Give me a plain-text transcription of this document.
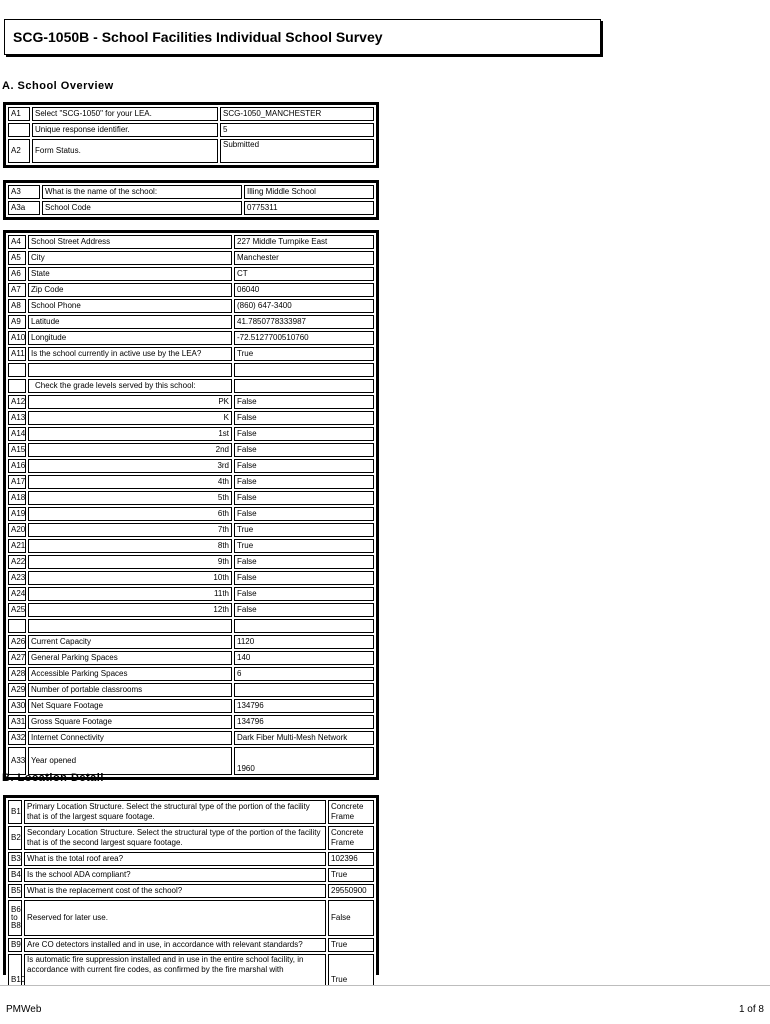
SCG-1050B - School Facilities Individual School Survey
A. School Overview
A1	Select "SCG-1050" for your LEA.	SCG-1050_MANCHESTER
	Unique response identifier.	5
A2	Form Status.	Submitted
A3	What is the name of the school:	Illing Middle School
A3a	School Code	0775311
A4	School Street Address	227 Middle Turnpike East
A5	City	Manchester
A6	State	CT
A7	Zip Code	06040
A8	School Phone	(860) 647-3400
A9	Latitude	41.7850778333987
A10	Longitude	-72.5127700510760
A11	Is the school currently in active use by the LEA?	True

	Check the grade levels served by this school:	
A12	PK	False
A13	K	False
A14	1st	False
A15	2nd	False
A16	3rd	False
A17	4th	False
A18	5th	False
A19	6th	False
A20	7th	True
A21	8th	True
A22	9th	False
A23	10th	False
A24	11th	False
A25	12th	False

A26	Current Capacity	1120
A27	General Parking Spaces	140
A28	Accessible Parking Spaces	6
A29	Number of portable classrooms	
A30	Net Square Footage	134796
A31	Gross Square Footage	134796
A32	Internet Connectivity	Dark Fiber Multi-Mesh Network
A33	Year opened	1960
B. Location Detail
B1	Primary Location Structure. Select the structural type of the portion of the facility that is of the largest square footage.	Concrete Frame
B2	Secondary Location Structure. Select the structural type of the portion of the facility that is of the second largest square footage.	Concrete Frame
B3	What is the total roof area?	102396
B4	Is the school ADA compliant?	True
B5	What is the replacement cost of the school?	29550900
B6 to B8	Reserved for later use.	False
B9	Are CO detectors installed and in use, in accordance with relevant standards?	True
B10	Is automatic fire suppression installed and in use in the entire school facility, in accordance with current fire codes, as confirmed by the fire marshal with	True
PMWeb	1 of 8
